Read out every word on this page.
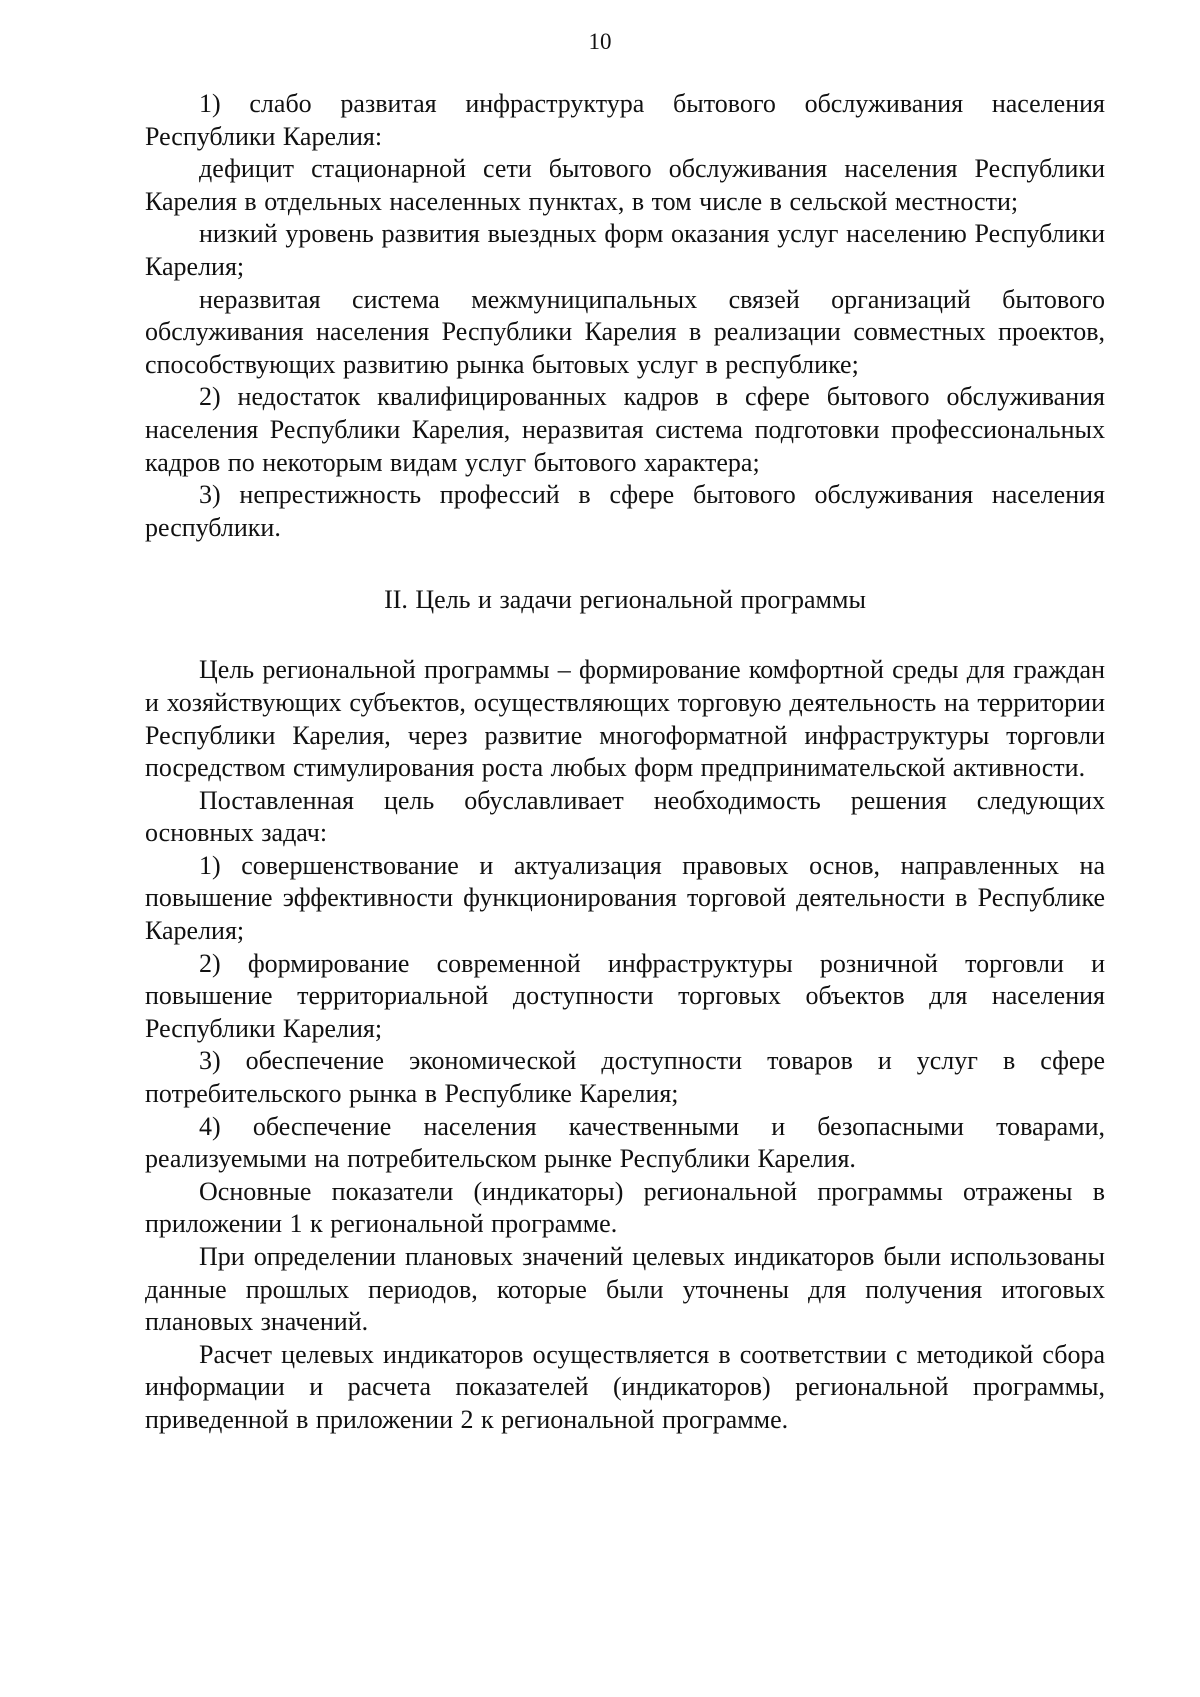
10

1) слабо развитая инфраструктура бытового обслуживания населения Республики Карелия:

дефицит стационарной сети бытового обслуживания населения Республики Карелия в отдельных населенных пунктах, в том числе в сельской местности;

низкий уровень развития выездных форм оказания услуг населению Республики Карелия;

неразвитая система межмуниципальных связей организаций бытового обслуживания населения Республики Карелия в реализации совместных проектов, способствующих развитию рынка бытовых услуг в республике;

2) недостаток квалифицированных кадров в сфере бытового обслуживания населения Республики Карелия, неразвитая система подготовки профессиональных кадров по некоторым видам услуг бытового характера;

3) непрестижность профессий в сфере бытового обслуживания населения республики.

II. Цель и задачи региональной программы

Цель региональной программы – формирование комфортной среды для граждан и хозяйствующих субъектов, осуществляющих торговую деятельность на территории Республики Карелия, через развитие многоформатной инфраструктуры торговли посредством стимулирования роста любых форм предпринимательской активности.

Поставленная цель обуславливает необходимость решения следующих основных задач:

1) совершенствование и актуализация правовых основ, направленных на повышение эффективности функционирования торговой деятельности в Республике Карелия;

2) формирование современной инфраструктуры розничной торговли и повышение территориальной доступности торговых объектов для населения Республики Карелия;

3) обеспечение экономической доступности товаров и услуг в сфере потребительского рынка в Республике Карелия;

4) обеспечение населения качественными и безопасными товарами, реализуемыми на потребительском рынке Республики Карелия.

Основные показатели (индикаторы) региональной программы отражены в приложении 1 к региональной программе.

При определении плановых значений целевых индикаторов были использованы данные прошлых периодов, которые были уточнены для получения итоговых плановых значений.

Расчет целевых индикаторов осуществляется в соответствии с методикой сбора информации и расчета показателей (индикаторов) региональной программы, приведенной в приложении 2 к региональной программе.
